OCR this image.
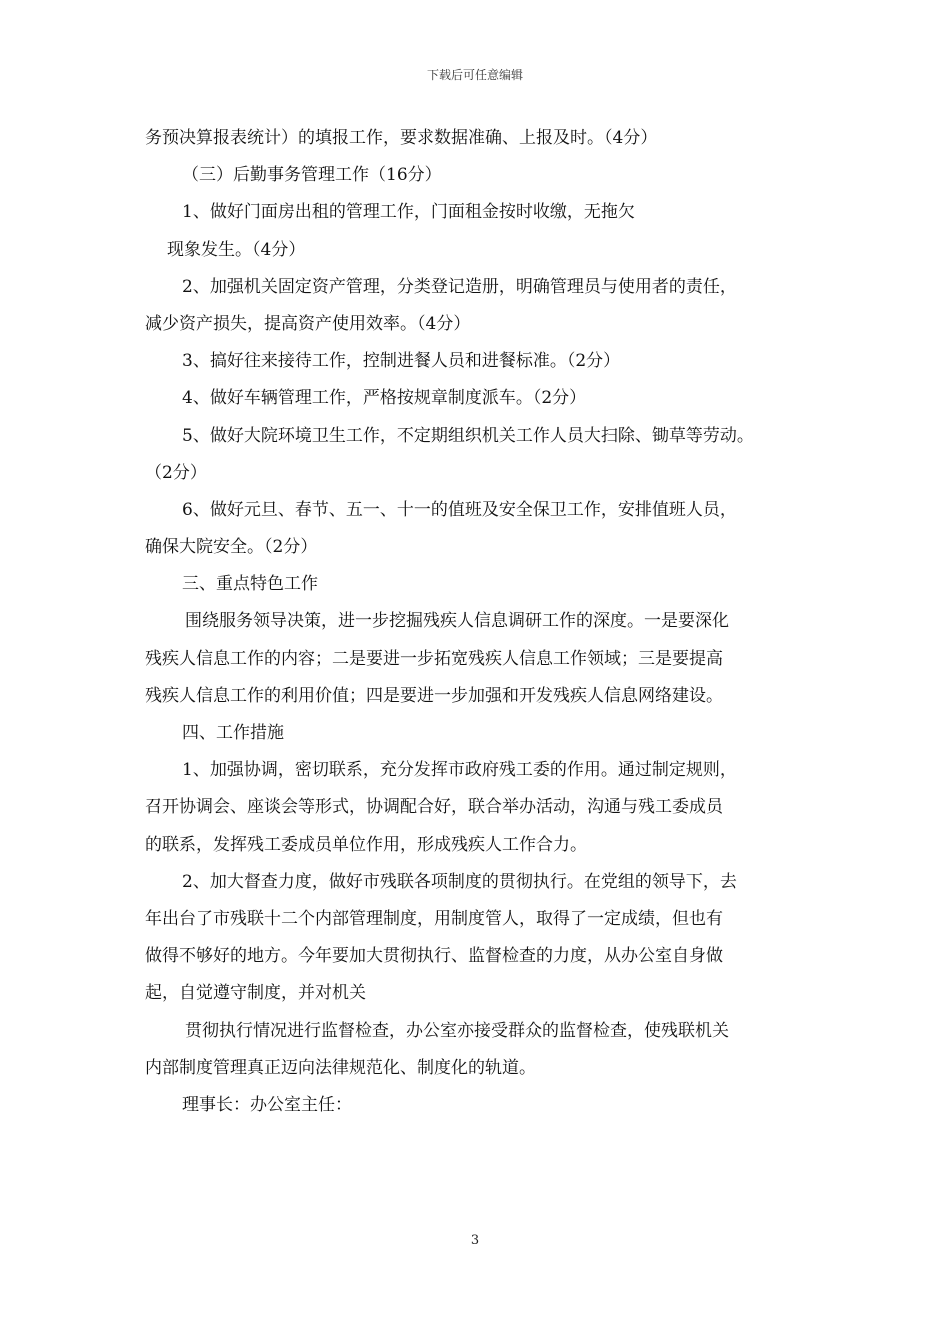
下载后可任意编辑
务预决算报表统计）的填报工作，要求数据准确、上报及时。（4分）
（三）后勤事务管理工作（16分）
1、做好门面房出租的管理工作，门面租金按时收缴，无拖欠
现象发生。（4分）
2、加强机关固定资产管理，分类登记造册，明确管理员与使用者的责任，
减少资产损失，提高资产使用效率。（4分）
3、搞好往来接待工作，控制进餐人员和进餐标准。（2分）
4、做好车辆管理工作，严格按规章制度派车。（2分）
5、做好大院环境卫生工作，不定期组织机关工作人员大扫除、锄草等劳动。
（2分）
6、做好元旦、春节、五一、十一的值班及安全保卫工作，安排值班人员，
确保大院安全。（2分）
三、重点特色工作
围绕服务领导决策，进一步挖掘残疾人信息调研工作的深度。一是要深化
残疾人信息工作的内容；二是要进一步拓宽残疾人信息工作领域；三是要提高
残疾人信息工作的利用价值；四是要进一步加强和开发残疾人信息网络建设。
四、工作措施
1、加强协调，密切联系，充分发挥市政府残工委的作用。通过制定规则，
召开协调会、座谈会等形式，协调配合好，联合举办活动，沟通与残工委成员
的联系，发挥残工委成员单位作用，形成残疾人工作合力。
2、加大督查力度，做好市残联各项制度的贯彻执行。在党组的领导下，去
年出台了市残联十二个内部管理制度，用制度管人，取得了一定成绩，但也有
做得不够好的地方。今年要加大贯彻执行、监督检查的力度，从办公室自身做
起，自觉遵守制度，并对机关
贯彻执行情况进行监督检查，办公室亦接受群众的监督检查，使残联机关
内部制度管理真正迈向法律规范化、制度化的轨道。
理事长：办公室主任：
3
